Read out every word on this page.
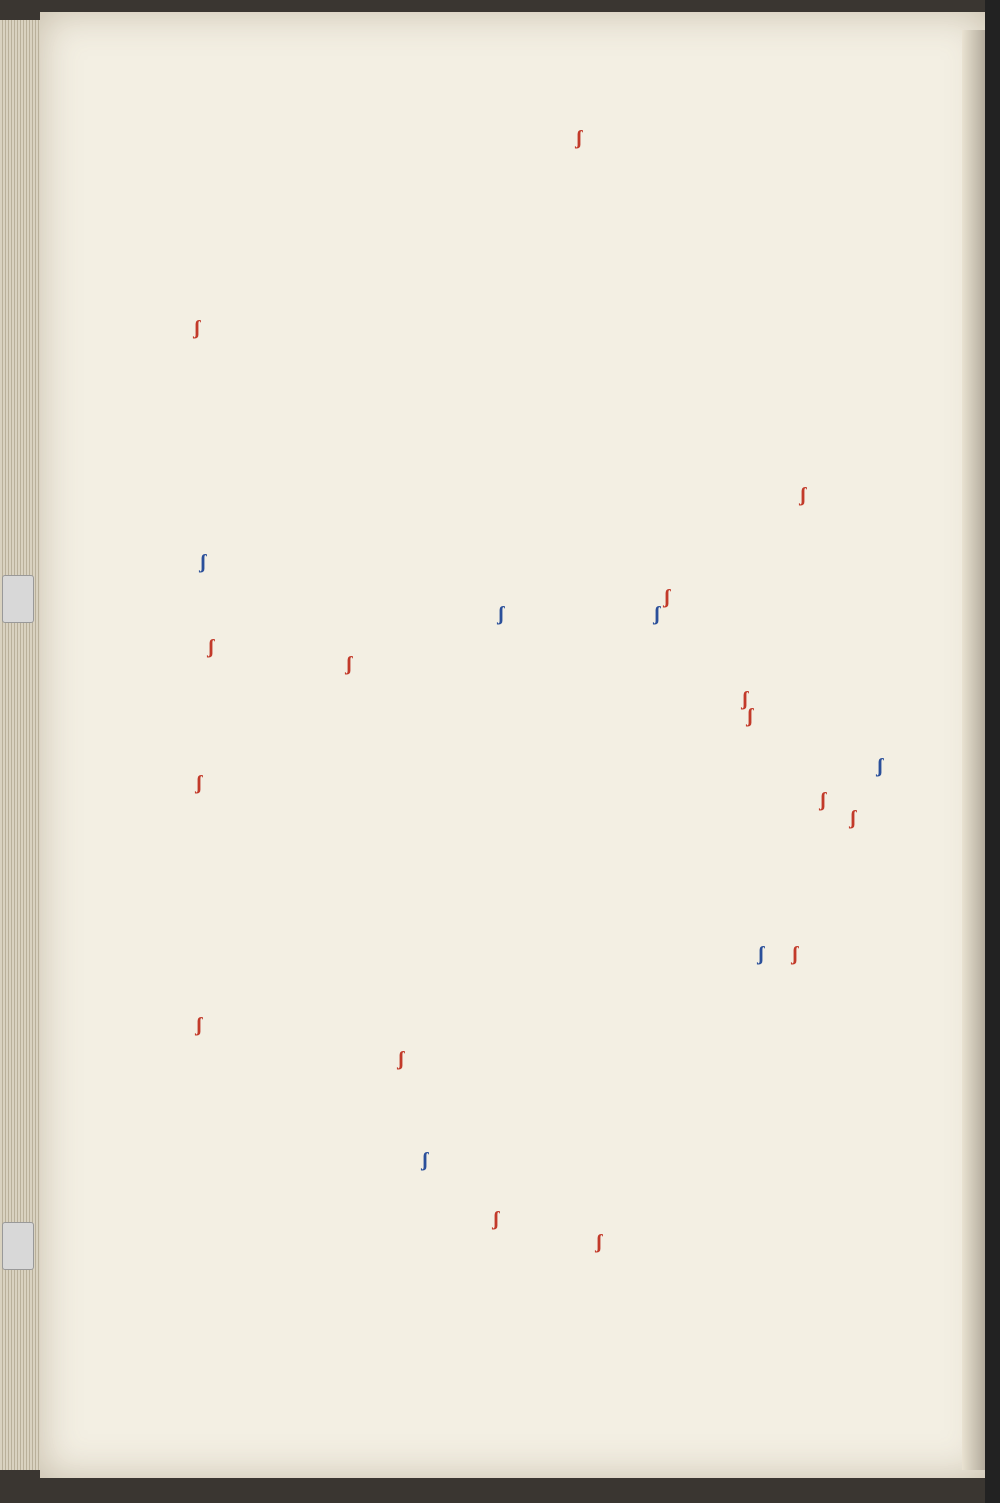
ʃ
ʃ
ʃ
ʃ
ʃ
ʃ
ʃ
ʃ
ʃ
ʃ
ʃ
ʃ
ʃ
ʃ
ʃ
ʃ
ʃ
ʃ
ʃ
ʃ ʃ
ʃ
